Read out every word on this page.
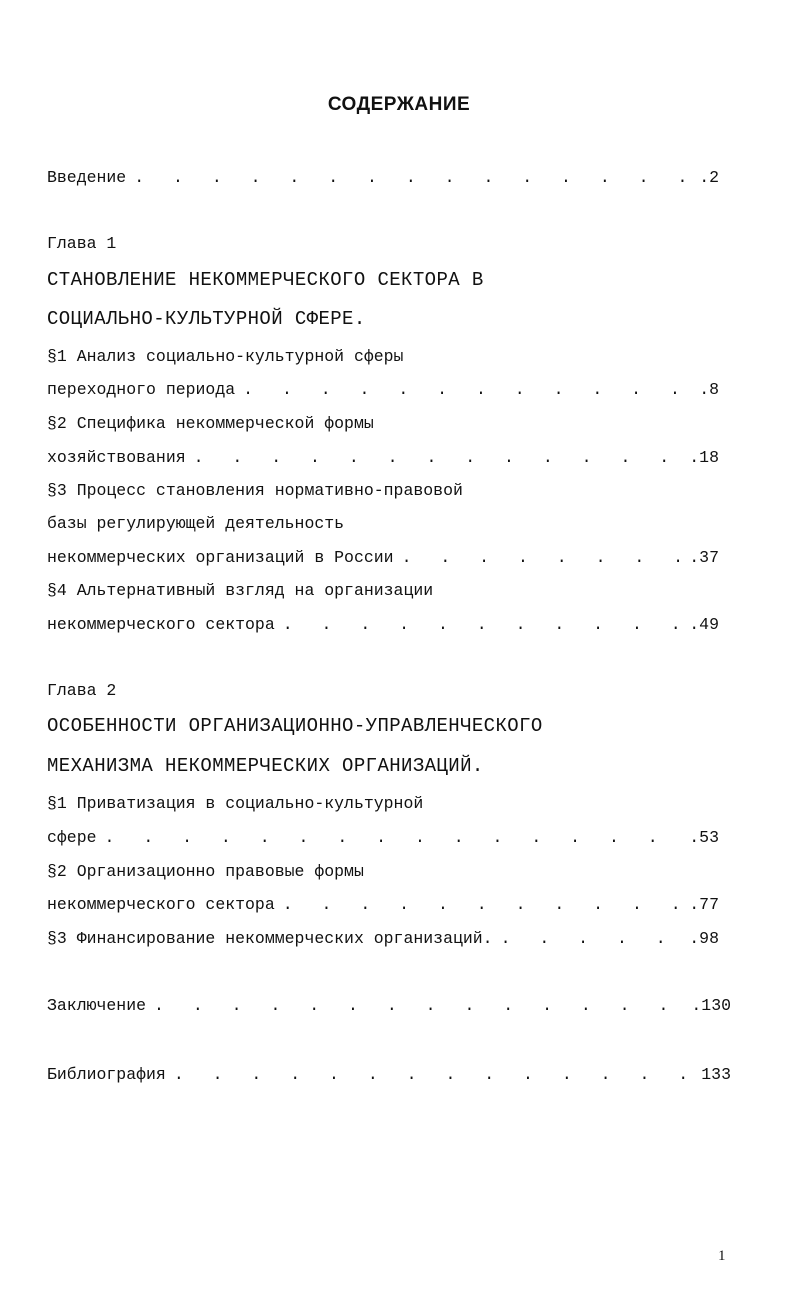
СОДЕРЖАНИЕ
Введение . . .	.2
Глава 1
СТАНОВЛЕНИЕ НЕКОММЕРЧЕСКОГО СЕКТОРА В
СОЦИАЛЬНО-КУЛЬТУРНОЙ СФЕРЕ.
§1 Анализ социально-культурной сферы
переходного периода . . .	.8
§2 Специфика некоммерческой формы
хозяйствования . . .	.18
§3 Процесс становления нормативно-правовой
базы регулирующей деятельность
некоммерческих организаций в России . . .	.37
§4 Альтернативный взгляд на организации
некоммерческого сектора . . .	.49
Глава 2
ОСОБЕННОСТИ ОРГАНИЗАЦИОННО-УПРАВЛЕНЧЕСКОГО
МЕХАНИЗМА НЕКОММЕРЧЕСКИХ ОРГАНИЗАЦИЙ.
§1 Приватизация в социально-культурной
сфере . . .	.53
§2 Организационно правовые формы
некоммерческого сектора . . .	.77
§3 Финансирование некоммерческих организаций. . . .	.98
Заключение . . .	.130
Библиография . . .	133
1
